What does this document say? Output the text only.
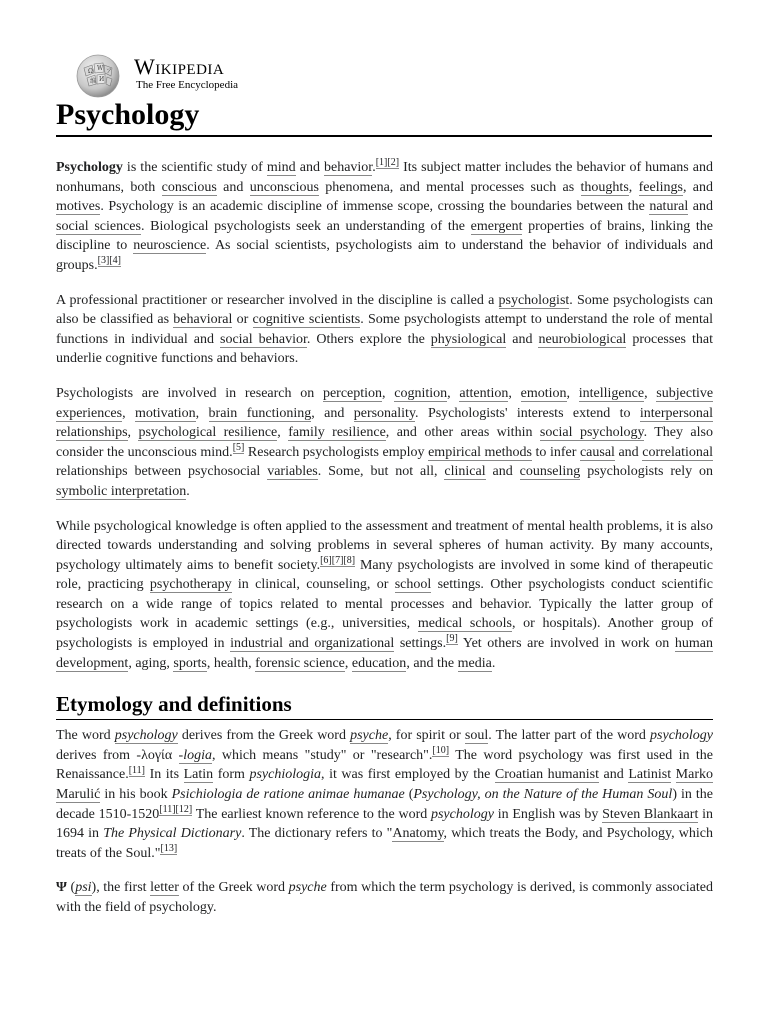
Ω W
И
维
ア Wikipedia
The Free Encyclopedia
Psychology

Psychology is the scientific study of mind and behavior.[1][2] Its subject matter includes the behavior of humans and nonhumans, both conscious and unconscious phenomena, and mental processes such as thoughts, feelings, and motives. Psychology is an academic discipline of immense scope, crossing the boundaries between the natural and social sciences. Biological psychologists seek an understanding of the emergent properties of brains, linking the discipline to neuroscience. As social scientists, psychologists aim to understand the behavior of individuals and groups.[3][4]

A professional practitioner or researcher involved in the discipline is called a psychologist. Some psychologists can also be classified as behavioral or cognitive scientists. Some psychologists attempt to understand the role of mental functions in individual and social behavior. Others explore the physiological and neurobiological processes that underlie cognitive functions and behaviors.

Psychologists are involved in research on perception, cognition, attention, emotion, intelligence, subjective experiences, motivation, brain functioning, and personality. Psychologists' interests extend to interpersonal relationships, psychological resilience, family resilience, and other areas within social psychology. They also consider the unconscious mind.[5] Research psychologists employ empirical methods to infer causal and correlational relationships between psychosocial variables. Some, but not all, clinical and counseling psychologists rely on symbolic interpretation.

While psychological knowledge is often applied to the assessment and treatment of mental health problems, it is also directed towards understanding and solving problems in several spheres of human activity. By many accounts, psychology ultimately aims to benefit society.[6][7][8] Many psychologists are involved in some kind of therapeutic role, practicing psychotherapy in clinical, counseling, or school settings. Other psychologists conduct scientific research on a wide range of topics related to mental processes and behavior. Typically the latter group of psychologists work in academic settings (e.g., universities, medical schools, or hospitals). Another group of psychologists is employed in industrial and organizational settings.[9] Yet others are involved in work on human development, aging, sports, health, forensic science, education, and the media.

Etymology and definitions

The word psychology derives from the Greek word psyche, for spirit or soul. The latter part of the word psychology derives from -λογία -logia, which means "study" or "research".[10] The word psychology was first used in the Renaissance.[11] In its Latin form psychiologia, it was first employed by the Croatian humanist and Latinist Marko Marulić in his book Psichiologia de ratione animae humanae (Psychology, on the Nature of the Human Soul) in the decade 1510-1520[11][12] The earliest known reference to the word psychology in English was by Steven Blankaart in 1694 in The Physical Dictionary. The dictionary refers to "Anatomy, which treats the Body, and Psychology, which treats of the Soul."[13]

Ψ (psi), the first letter of the Greek word psyche from which the term psychology is derived, is commonly associated with the field of psychology.
